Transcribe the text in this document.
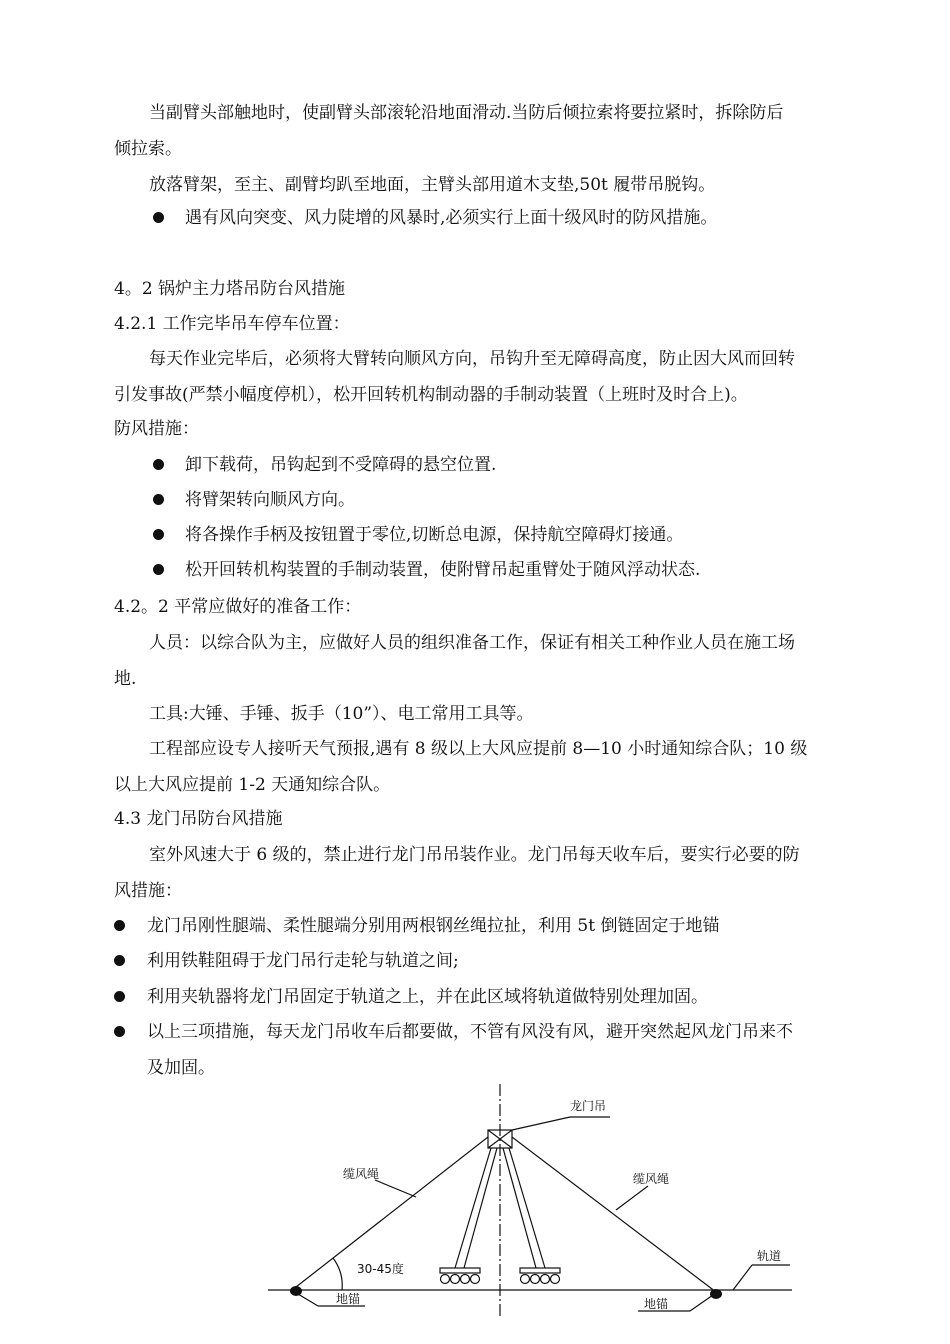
当副臂头部触地时，使副臂头部滚轮沿地面滑动.当防后倾拉索将要拉紧时，拆除防后
倾拉索。
放落臂架，至主、副臂均趴至地面，主臂头部用道木支垫,50t 履带吊脱钩。
遇有风向突变、风力陡增的风暴时,必须实行上面十级风时的防风措施。
4。2 锅炉主力塔吊防台风措施
4.2.1 工作完毕吊车停车位置：
每天作业完毕后，必须将大臂转向顺风方向，吊钩升至无障碍高度，防止因大风而回转
引发事故(严禁小幅度停机），松开回转机构制动器的手制动装置（上班时及时合上)。
防风措施：
卸下载荷，吊钩起到不受障碍的悬空位置.
将臂架转向顺风方向。
将各操作手柄及按钮置于零位,切断总电源，保持航空障碍灯接通。
松开回转机构装置的手制动装置，使附臂吊起重臂处于随风浮动状态.
4.2。2 平常应做好的准备工作：
人员：以综合队为主，应做好人员的组织准备工作，保证有相关工种作业人员在施工场
地.
工具:大锤、手锤、扳手（10”）、电工常用工具等。
工程部应设专人接听天气预报,遇有 8 级以上大风应提前 8—10 小时通知综合队；10 级
以上大风应提前 1-2 天通知综合队。
4.3 龙门吊防台风措施
室外风速大于 6 级的，禁止进行龙门吊吊装作业。龙门吊每天收车后，要实行必要的防
风措施：
龙门吊刚性腿端、柔性腿端分别用两根钢丝绳拉扯，利用 5t 倒链固定于地锚
利用铁鞋阻碍于龙门吊行走轮与轨道之间;
利用夹轨器将龙门吊固定于轨道之上，并在此区域将轨道做特别处理加固。
以上三项措施，每天龙门吊收车后都要做，不管有风没有风，避开突然起风龙门吊来不
及加固。
龙门吊
缆风绳	缆风绳
30-45度
轨道
地锚	地锚
